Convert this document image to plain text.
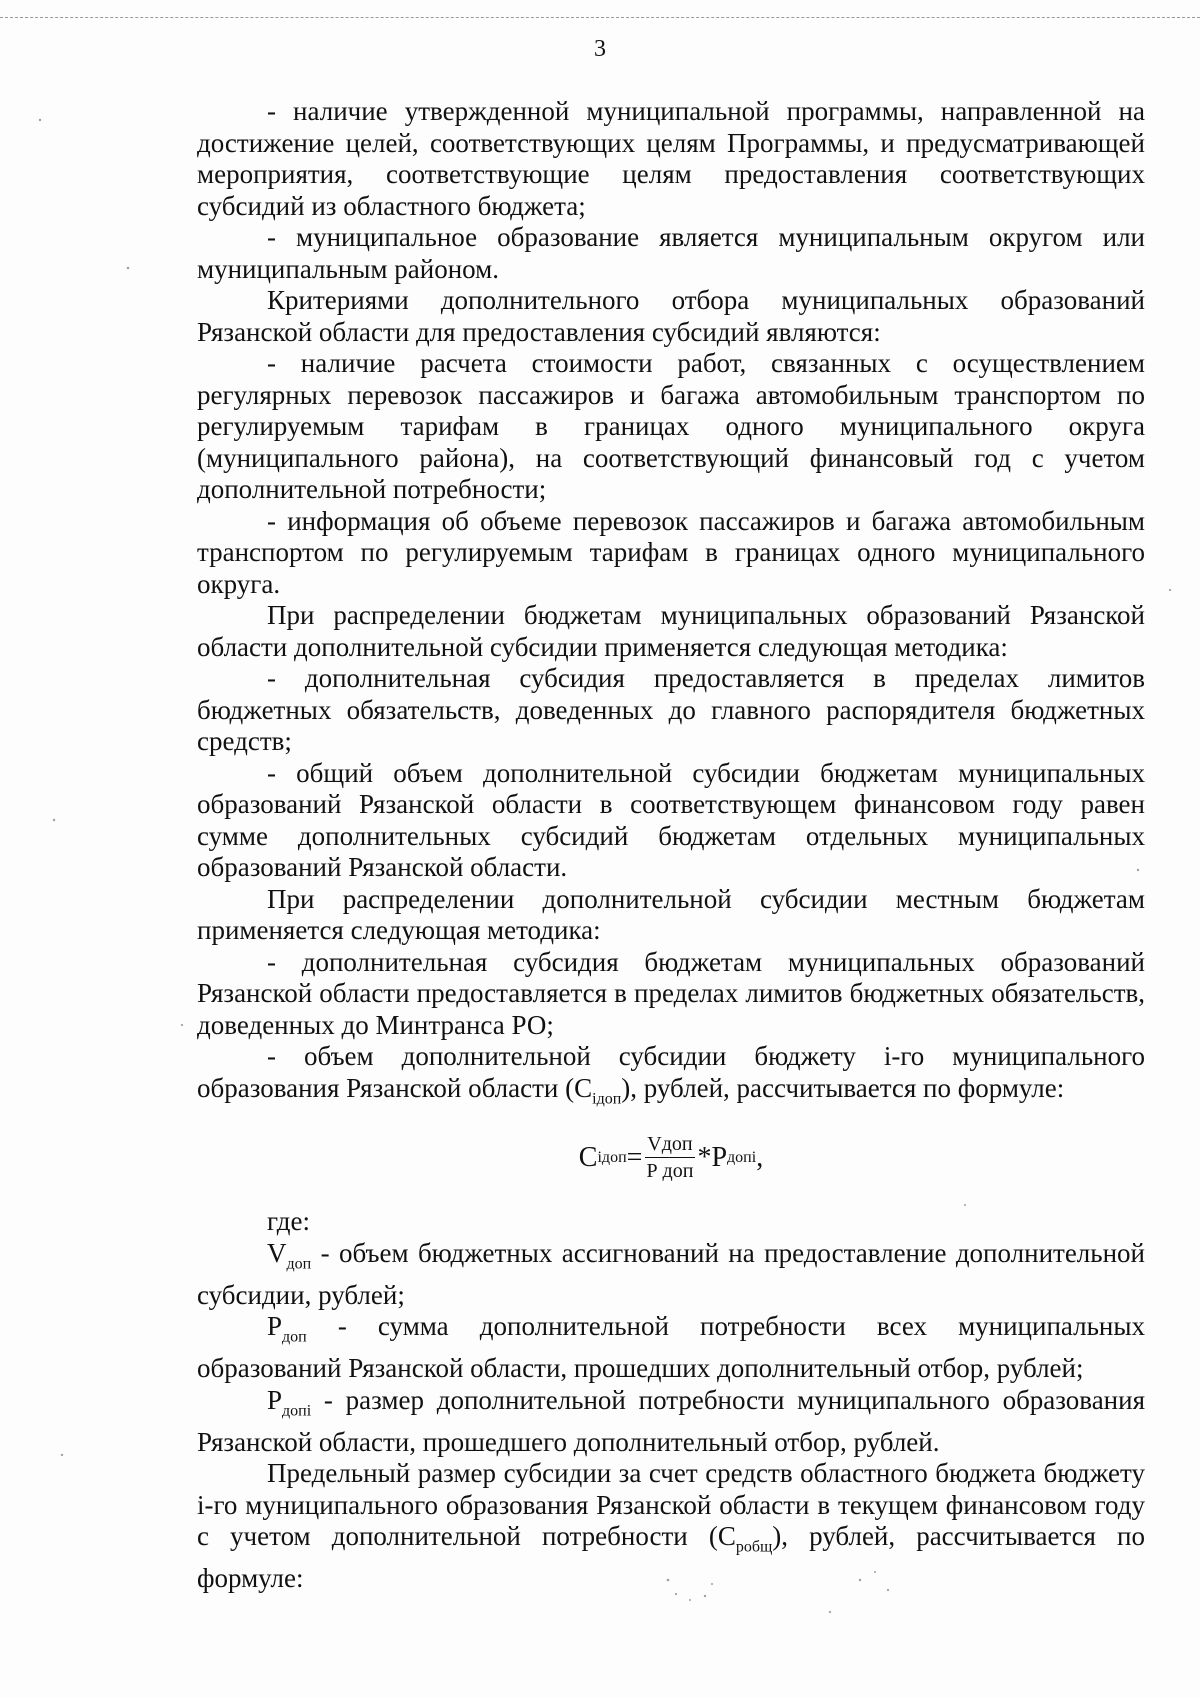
3

- наличие утвержденной муниципальной программы, направленной на достижение целей, соответствующих целям Программы, и предусматривающей мероприятия, соответствующие целям предоставления соответствующих субсидий из областного бюджета;

- муниципальное образование является муниципальным округом или муниципальным районом.

Критериями дополнительного отбора муниципальных образований Рязанской области для предоставления субсидий являются:

- наличие расчета стоимости работ, связанных с осуществлением регулярных перевозок пассажиров и багажа автомобильным транспортом по регулируемым тарифам в границах одного муниципального округа (муниципального района), на соответствующий финансовый год с учетом дополнительной потребности;

- информация об объеме перевозок пассажиров и багажа автомобильным транспортом по регулируемым тарифам в границах одного муниципального округа.

При распределении бюджетам муниципальных образований Рязанской области дополнительной субсидии применяется следующая методика:

- дополнительная субсидия предоставляется в пределах лимитов бюджетных обязательств, доведенных до главного распорядителя бюджетных средств;

- общий объем дополнительной субсидии бюджетам муниципальных образований Рязанской области в соответствующем финансовом году равен сумме дополнительных субсидий бюджетам отдельных муниципальных образований Рязанской области.

При распределении дополнительной субсидии местным бюджетам применяется следующая методика:

- дополнительная субсидия бюджетам муниципальных образований Рязанской области предоставляется в пределах лимитов бюджетных обязательств, доведенных до Минтранса РО;

- объем дополнительной субсидии бюджету i-го муниципального образования Рязанской области $(С_{iдоп})$, рублей, рассчитывается по формуле:

С iдоп = $\frac{\text{Vдоп}}{\text{Р доп}} *Р$ допi ,

где:

$V_{доп}$ - объем бюджетных ассигнований на предоставление дополнительной субсидии, рублей;

$Р_{доп}$ - сумма дополнительной потребности всех муниципальных образований Рязанской области, прошедших дополнительный отбор, рублей;

$Р_{допi}$ - размер дополнительной потребности муниципального образования Рязанской области, прошедшего дополнительный отбор, рублей.

Предельный размер субсидии за счет средств областного бюджета бюджету i-го муниципального образования Рязанской области в текущем финансовом году с учетом дополнительной потребности $(С_{робщ})$, рублей, рассчитывается по формуле:
